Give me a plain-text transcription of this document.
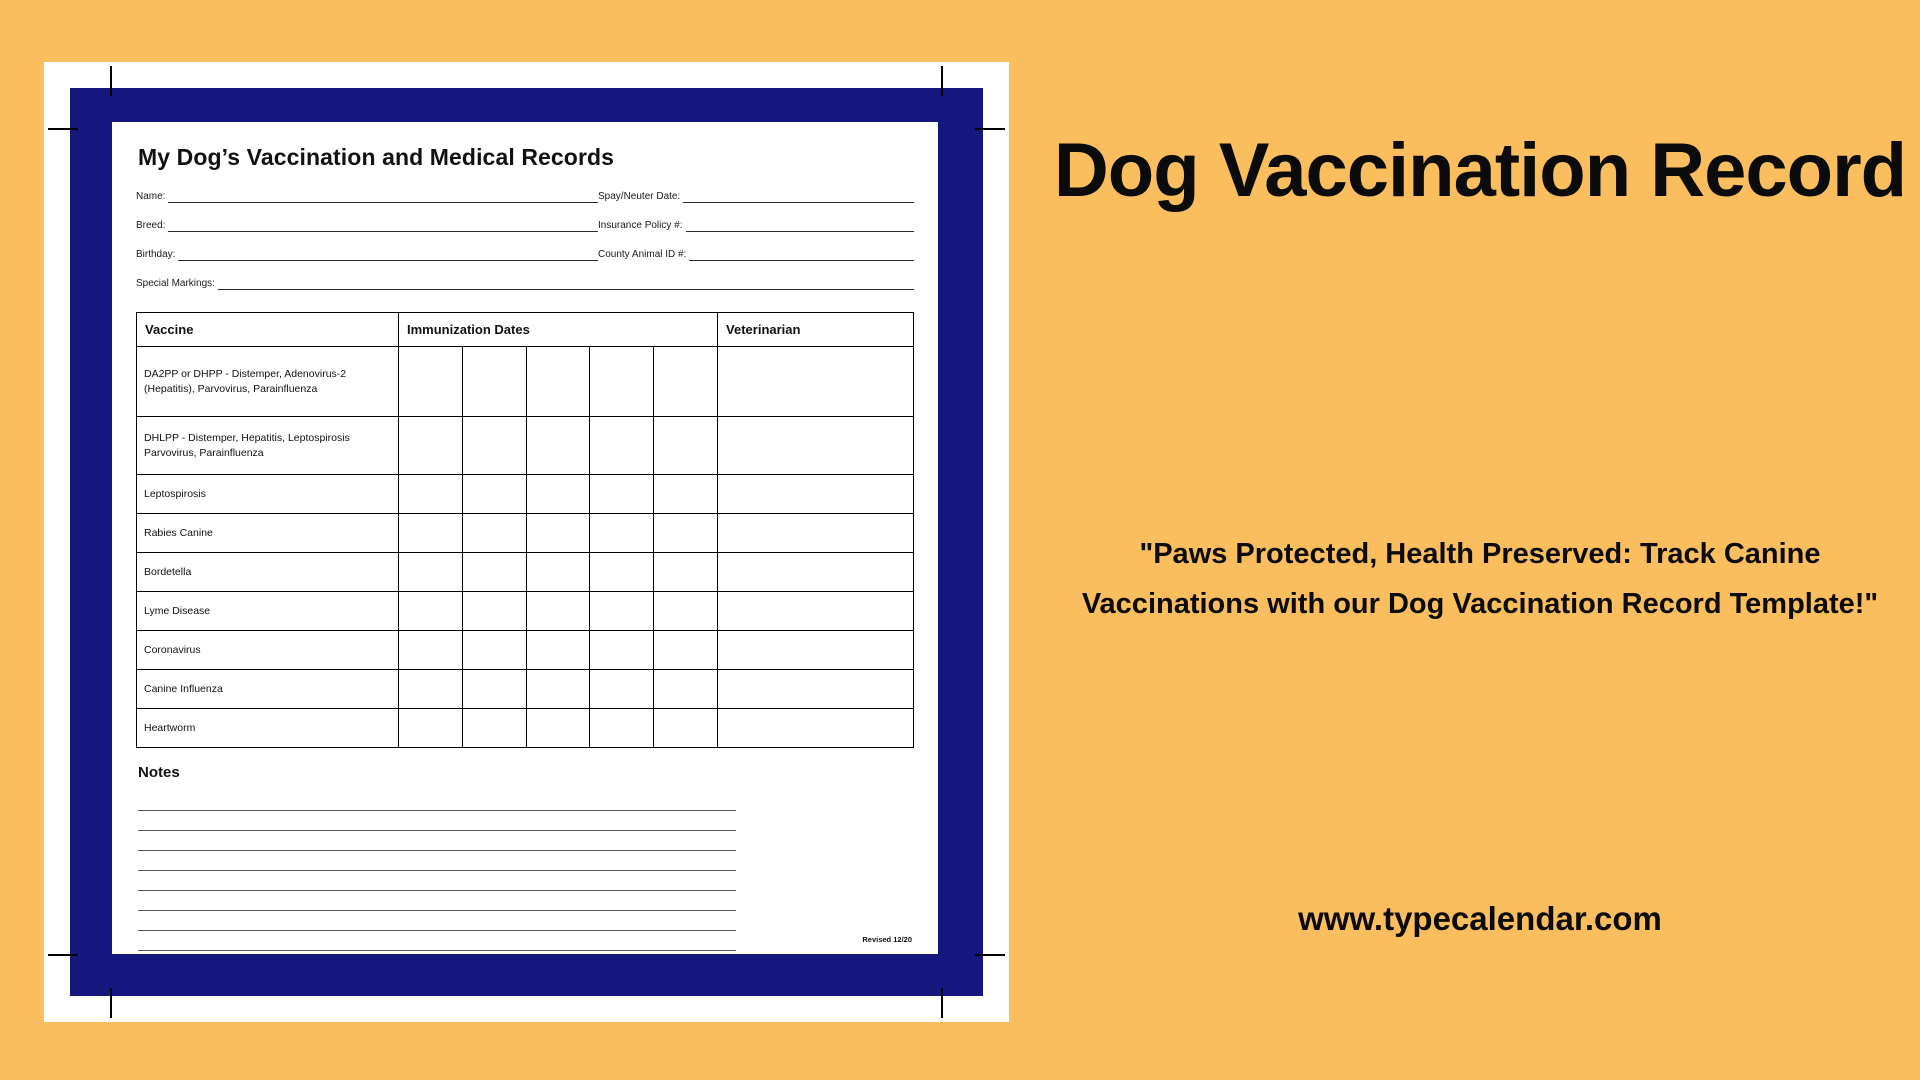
My Dog’s Vaccination and Medical Records
Name:	Spay/Neuter Date:
Breed:	Insurance Policy #:
Birthday:	County Animal ID #:
Special Markings:
Vaccine	Immunization Dates					Veterinarian
DA2PP or DHPP - Distemper, Adenovirus-2 (Hepatitis), Parvovirus, Parainfluenza						
DHLPP - Distemper, Hepatitis, Leptospirosis Parvovirus, Parainfluenza						
Leptospirosis						
Rabies Canine						
Bordetella						
Lyme Disease						
Coronavirus						
Canine Influenza						
Heartworm						
Notes
Revised 12/20
Dog Vaccination Record
"Paws Protected, Health Preserved: Track Canine Vaccinations with our Dog Vaccination Record Template!"
www.typecalendar.com
